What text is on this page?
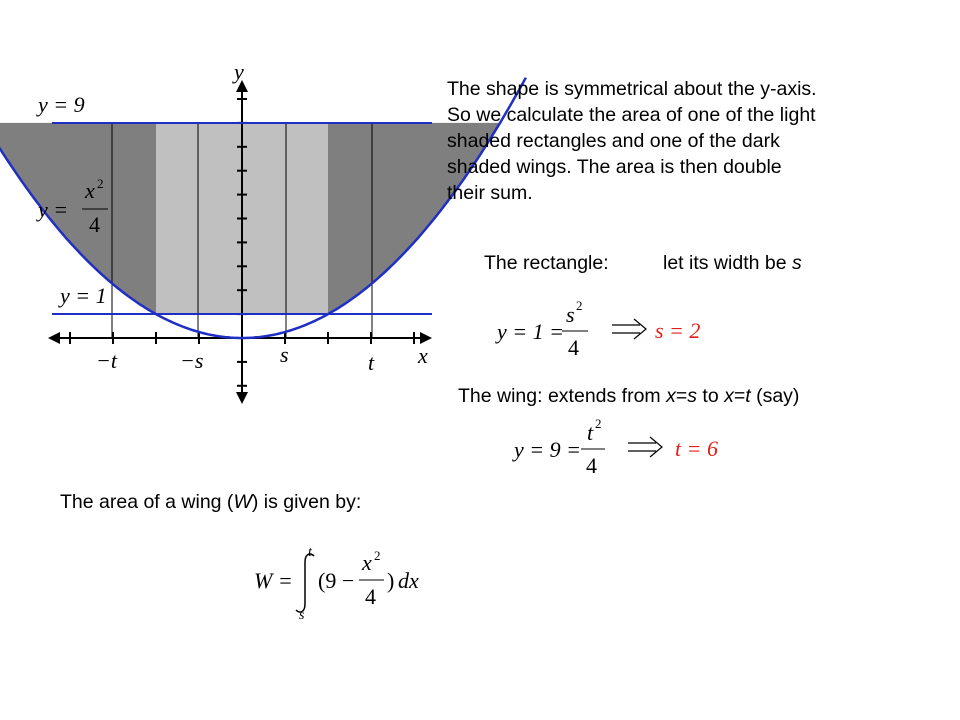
y
x
y = 9
y =
x 2
4
y = 1
−t	−s	s	t
y = 1 =
s 2
4
s = 2
y = 9 =
t 2
4
t = 6
W =
t
s
(9 −
x 2
4
) dx
The shape is symmetrical about the y-axis.
So we calculate the area of one of the light
shaded rectangles and one of the dark
shaded wings. The area is then double
their sum.
The rectangle:	let its width be s
The wing: extends from x=s to x=t (say)
The area of a wing (W) is given by:
